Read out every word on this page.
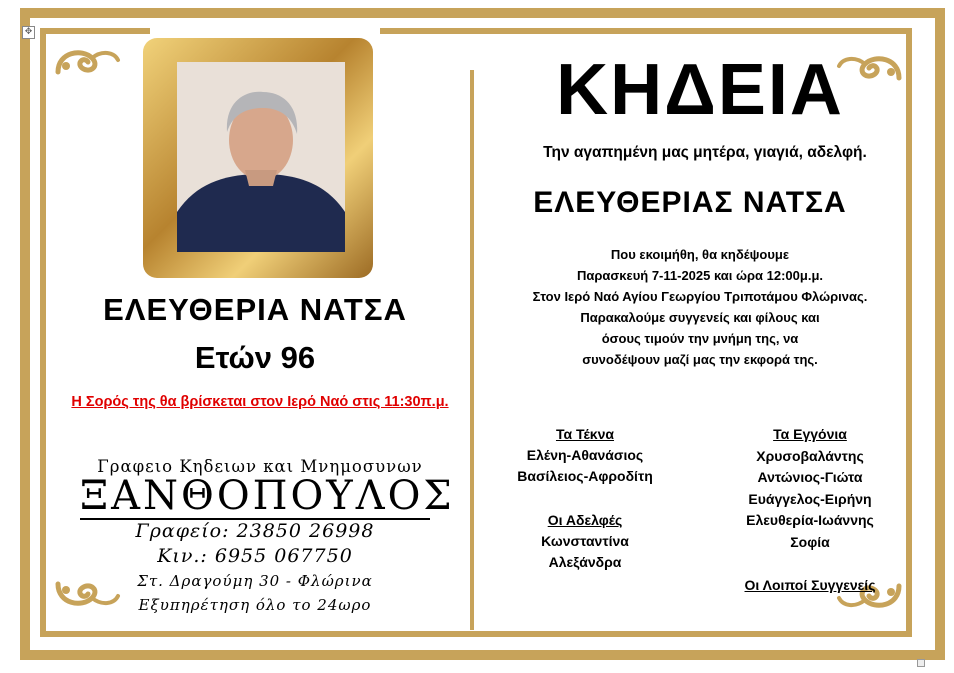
✥
ΕΛΕΥΘΕΡΙΑ ΝΑΤΣΑ
Ετών 96
Η Σορός της θα βρίσκεται στον Ιερό Ναό στις 11:30π.μ.
Γραφειο Κηδειων και Μνημοσυνων
ΞΑΝΘΟΠΟΥΛΟΣ
Γραφείο: 23850 26998
Κιν.: 6955 067750
Στ. Δραγούμη 30 - Φλώρινα
Εξυπηρέτηση όλο το 24ωρο
ΚΗΔΕΙΑ
Την αγαπημένη μας μητέρα, γιαγιά, αδελφή.
ΕΛΕΥΘΕΡΙΑΣ ΝΑΤΣΑ
Που εκοιμήθη, θα κηδέψουμε
Παρασκευή 7-11-2025 και ώρα 12:00μ.μ.
Στον Ιερό Ναό Αγίου Γεωργίου Τριποτάμου Φλώρινας.
Παρακαλούμε συγγενείς και φίλους και
όσους τιμούν την μνήμη της, να
συνοδέψουν μαζί μας την εκφορά της.
Τα Τέκνα
Ελένη-Αθανάσιος
Βασίλειος-Αφροδίτη
Οι Αδελφές
Κωνσταντίνα
Αλεξάνδρα
Τα Εγγόνια
Χρυσοβαλάντης
Αντώνιος-Γιώτα
Ευάγγελος-Ειρήνη
Ελευθερία-Ιωάννης
Σοφία
Οι Λοιποί Συγγενείς
